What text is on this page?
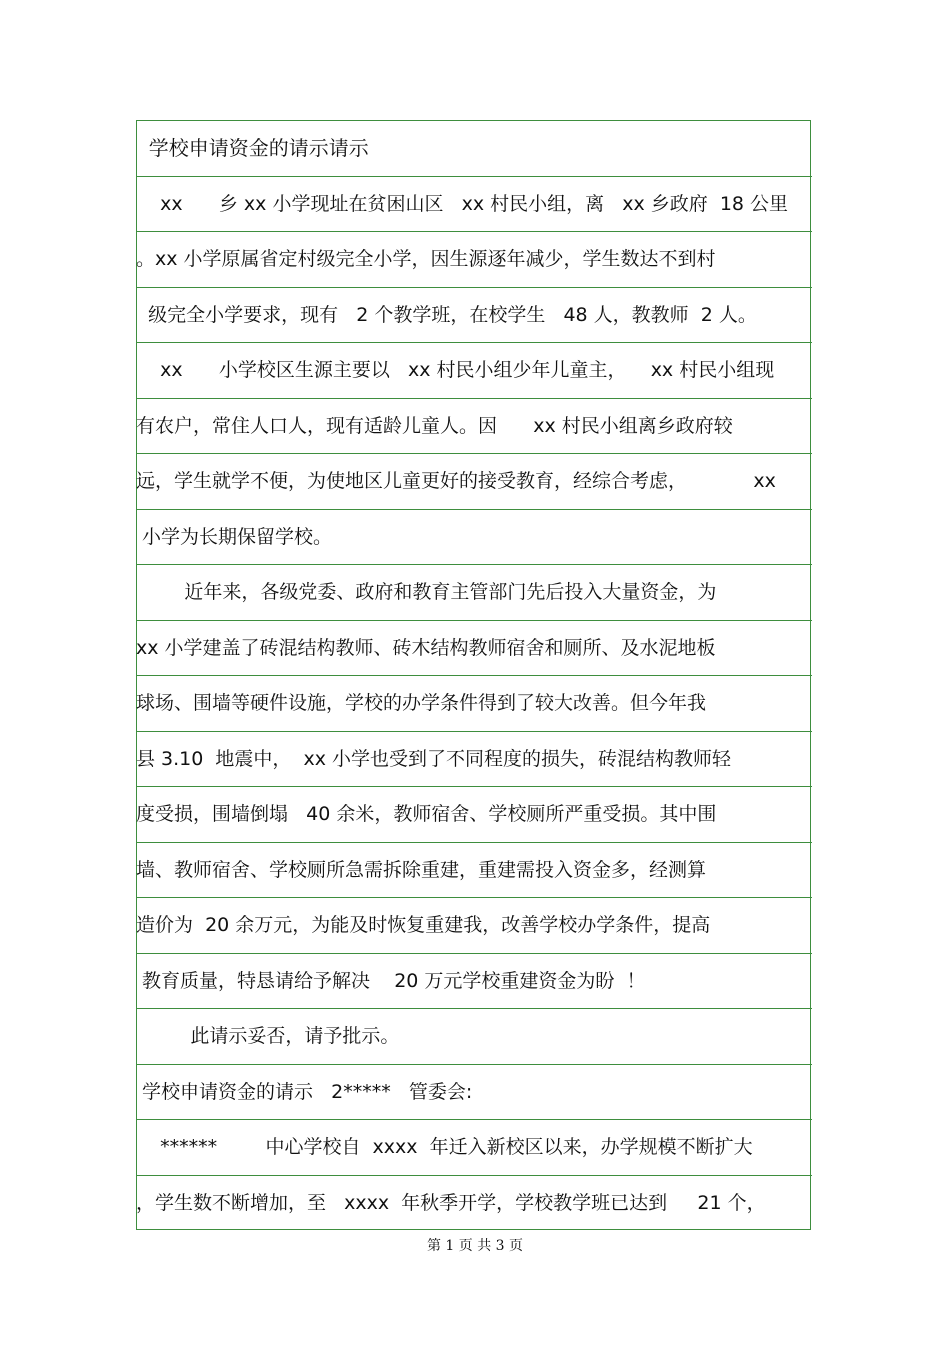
学校申请资金的请示请示
xx      乡 xx 小学现址在贫困山区   xx 村民小组，离   xx 乡政府  18 公里
。xx 小学原属省定村级完全小学，因生源逐年减少，学生数达不到村
级完全小学要求，现有   2 个教学班，在校学生   48 人，教教师  2 人。
xx      小学校区生源主要以   xx 村民小组少年儿童主，    xx 村民小组现
有农户，常住人口人，现有适龄儿童人。因      xx 村民小组离乡政府较
远，学生就学不便，为使地区儿童更好的接受教育，经综合考虑，           xx
小学为长期保留学校。
近年来，各级党委、政府和教育主管部门先后投入大量资金，为
xx 小学建盖了砖混结构教师、砖木结构教师宿舍和厕所、及水泥地板
球场、围墙等硬件设施，学校的办学条件得到了较大改善。但今年我
县 3.10  地震中，  xx 小学也受到了不同程度的损失，砖混结构教师轻
度受损，围墙倒塌   40 余米，教师宿舍、学校厕所严重受损。其中围
墙、教师宿舍、学校厕所急需拆除重建，重建需投入资金多，经测算
造价为  20 余万元，为能及时恢复重建我，改善学校办学条件，提高
教育质量，特恳请给予解决    20 万元学校重建资金为盼  ！
此请示妥否，请予批示。
学校申请资金的请示   2*****   管委会:
******        中心学校自  xxxx  年迁入新校区以来，办学规模不断扩大
，学生数不断增加，至   xxxx  年秋季开学，学校教学班已达到     21 个，
第 1 页 共 3 页
